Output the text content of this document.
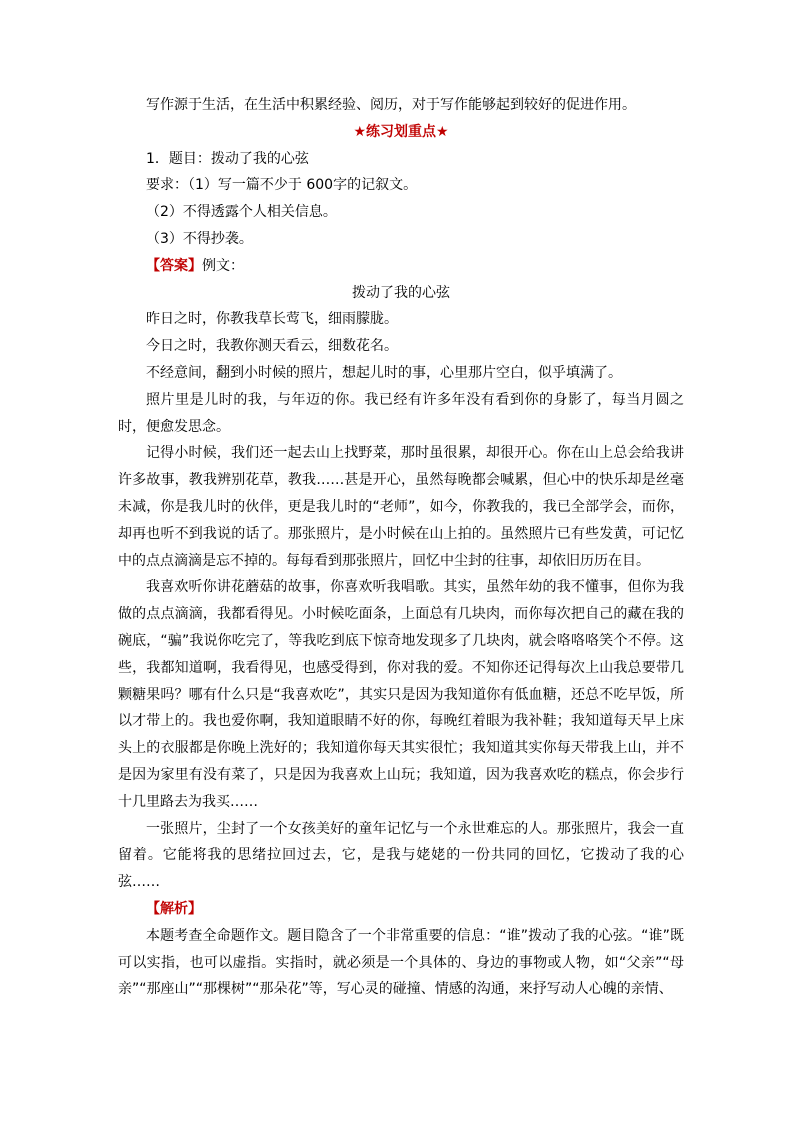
写作源于生活，在生活中积累经验、阅历，对于写作能够起到较好的促进作用。

★练习划重点★

1．题目：拨动了我的心弦

要求：（1）写一篇不少于 600字的记叙文。

（2）不得透露个人相关信息。

（3）不得抄袭。

【答案】例文：

拨动了我的心弦

昨日之时，你教我草长莺飞，细雨朦胧。

今日之时，我教你测天看云，细数花名。

不经意间，翻到小时候的照片，想起儿时的事，心里那片空白，似乎填满了。

照片里是儿时的我，与年迈的你。我已经有许多年没有看到你的身影了，每当月圆之时，便愈发思念。

记得小时候，我们还一起去山上找野菜，那时虽很累，却很开心。你在山上总会给我讲许多故事，教我辨别花草，教我……甚是开心，虽然每晚都会喊累，但心中的快乐却是丝毫未减，你是我儿时的伙伴，更是我儿时的“老师”，如今，你教我的，我已全部学会，而你，却再也听不到我说的话了。那张照片，是小时候在山上拍的。虽然照片已有些发黄，可记忆中的点点滴滴是忘不掉的。每每看到那张照片，回忆中尘封的往事，却依旧历历在目。

我喜欢听你讲花蘑菇的故事，你喜欢听我唱歌。其实，虽然年幼的我不懂事，但你为我做的点点滴滴，我都看得见。小时候吃面条，上面总有几块肉，而你每次把自己的藏在我的碗底，“骗”我说你吃完了，等我吃到底下惊奇地发现多了几块肉，就会咯咯咯笑个不停。这些，我都知道啊，我看得见，也感受得到，你对我的爱。不知你还记得每次上山我总要带几颗糖果吗？哪有什么只是“我喜欢吃”，其实只是因为我知道你有低血糖，还总不吃早饭，所以才带上的。我也爱你啊，我知道眼睛不好的你，每晚红着眼为我补鞋；我知道每天早上床头上的衣服都是你晚上洗好的；我知道你每天其实很忙；我知道其实你每天带我上山，并不是因为家里有没有菜了，只是因为我喜欢上山玩；我知道，因为我喜欢吃的糕点，你会步行十几里路去为我买……

一张照片，尘封了一个女孩美好的童年记忆与一个永世难忘的人。那张照片，我会一直留着。它能将我的思绪拉回过去，它，是我与姥姥的一份共同的回忆，它拨动了我的心弦……

【解析】

本题考查全命题作文。题目隐含了一个非常重要的信息：“谁”拨动了我的心弦。“谁”既可以实指，也可以虚指。实指时，就必须是一个具体的、身边的事物或人物，如“父亲”“母亲”“那座山”“那棵树”“那朵花”等，写心灵的碰撞、情感的沟通，来抒写动人心魄的亲情、
